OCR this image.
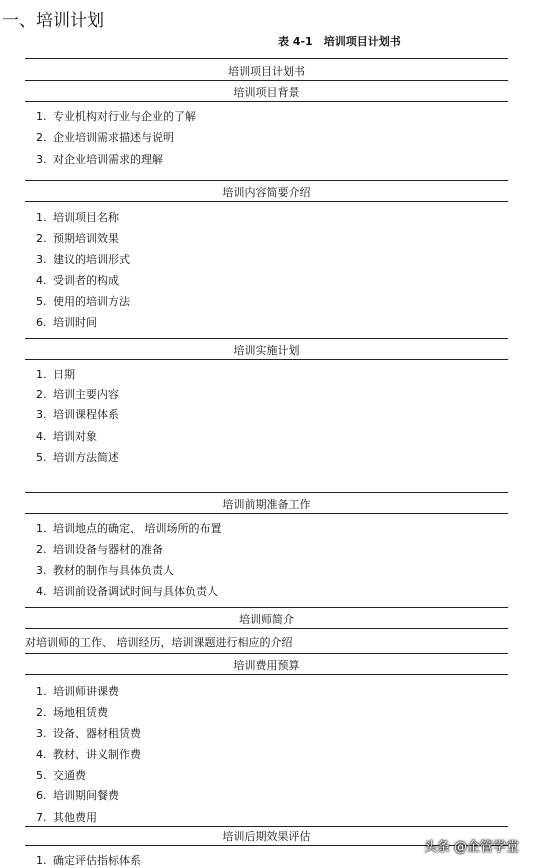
一、培训计划
表 4-1　培训项目计划书
培训项目计划书
培训项目背景
1. 专业机构对行业与企业的了解
2. 企业培训需求描述与说明
3. 对企业培训需求的理解
培训内容简要介绍
1. 培训项目名称
2. 预期培训效果
3. 建议的培训形式
4. 受训者的构成
5. 使用的培训方法
6. 培训时间
培训实施计划
1. 日期
2. 培训主要内容
3. 培训课程体系
4. 培训对象
5. 培训方法简述
培训前期准备工作
1. 培训地点的确定、 培训场所的布置
2. 培训设备与器材的准备
3. 教材的制作与具体负责人
4. 培训前设备调试时间与具体负责人
培训师简介
对培训师的工作、 培训经历，培训课题进行相应的介绍
培训费用预算
1. 培训师讲课费
2. 场地租赁费
3. 设备、器材租赁费
4. 教材、讲义制作费
5. 交通费
6. 培训期间餐费
7. 其他费用
培训后期效果评估
1. 确定评估指标体系
头条 @企管学堂
